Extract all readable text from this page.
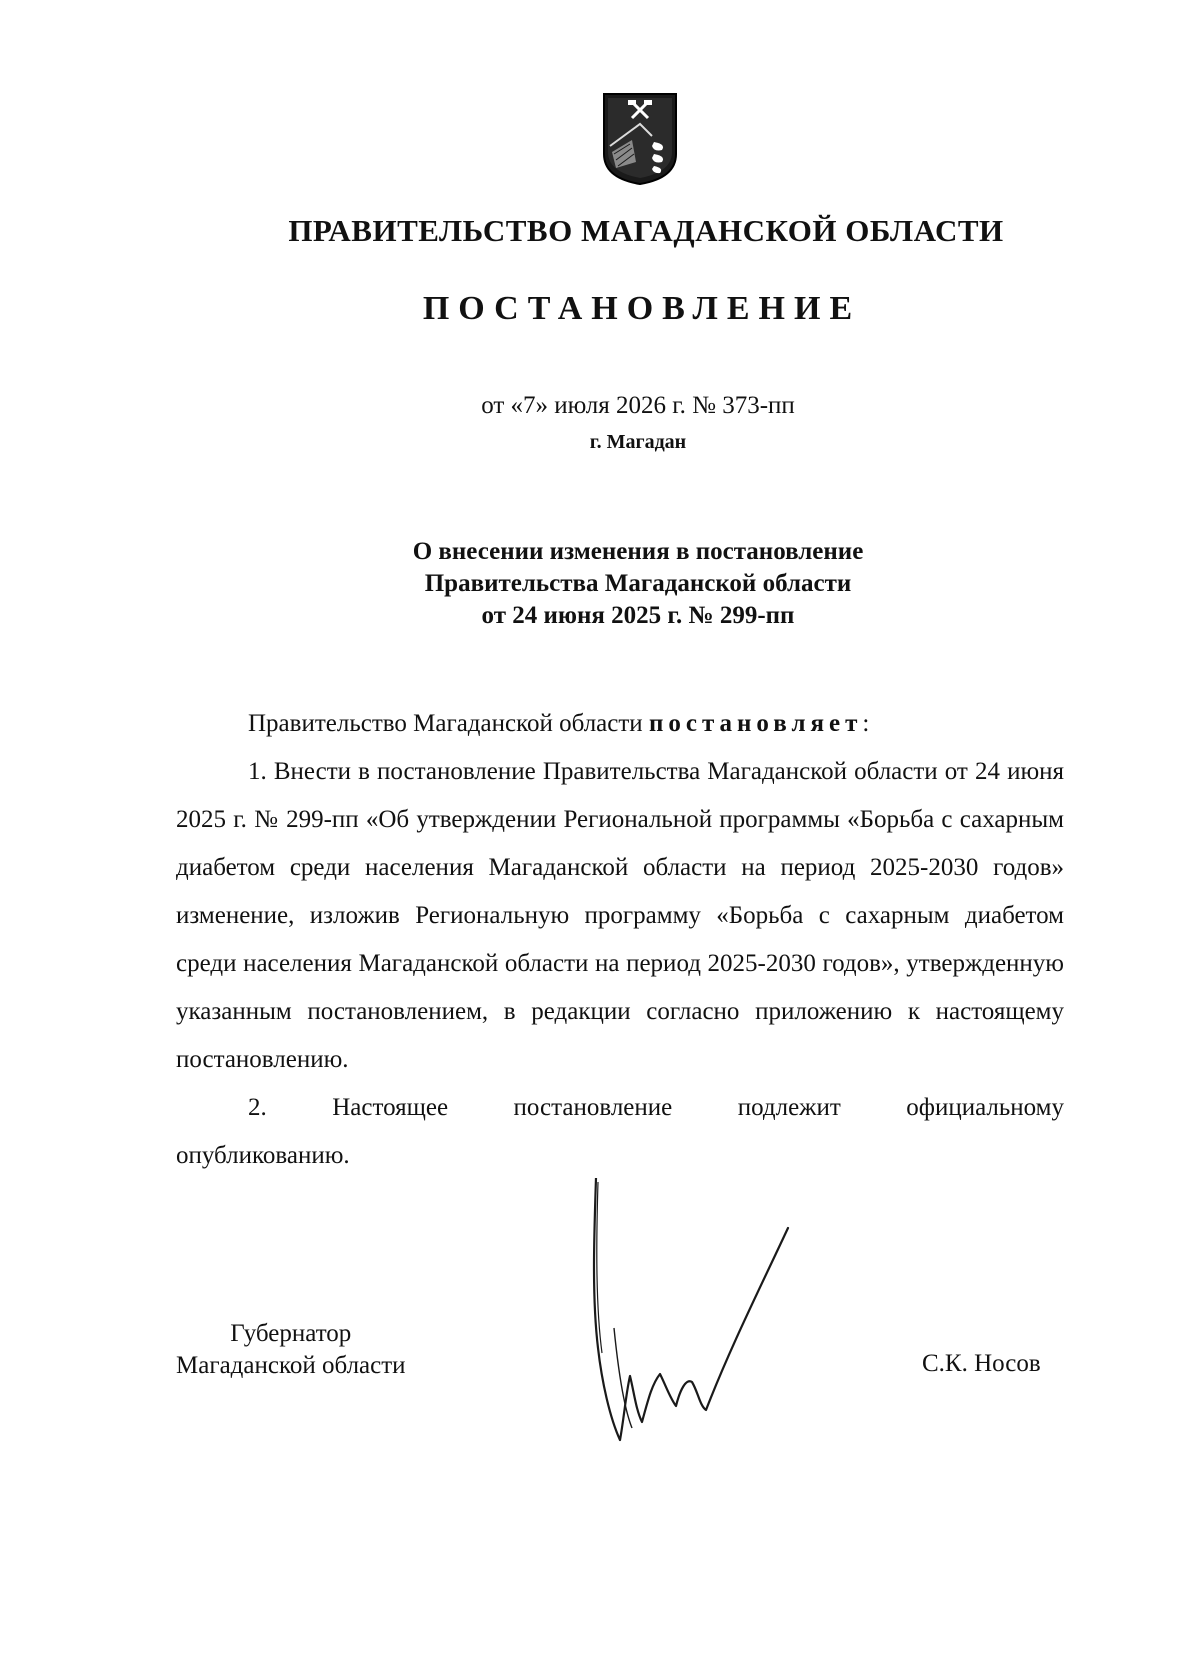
ПРАВИТЕЛЬСТВО МАГАДАНСКОЙ ОБЛАСТИ
ПОСТАНОВЛЕНИЕ
от «7» июля 2026 г. № 373-пп
г. Магадан
О внесении изменения в постановление
Правительства Магаданской области
от 24 июня 2025 г. № 299-пп

Правительство Магаданской области постановляет:

1. Внести в постановление Правительства Магаданской области от 24 июня 2025 г. № 299-пп «Об утверждении Региональной программы «Борьба с сахарным диабетом среди населения Магаданской области на период 2025-2030 годов» изменение, изложив Региональную программу «Борьба с сахарным диабетом среди населения Магаданской области на период 2025-2030 годов», утвержденную указанным постановлением, в редакции согласно приложению к настоящему постановлению.

2. Настоящее постановление подлежит официальному

опубликованию.

Губернатор
Магаданской области	С.К. Носов
